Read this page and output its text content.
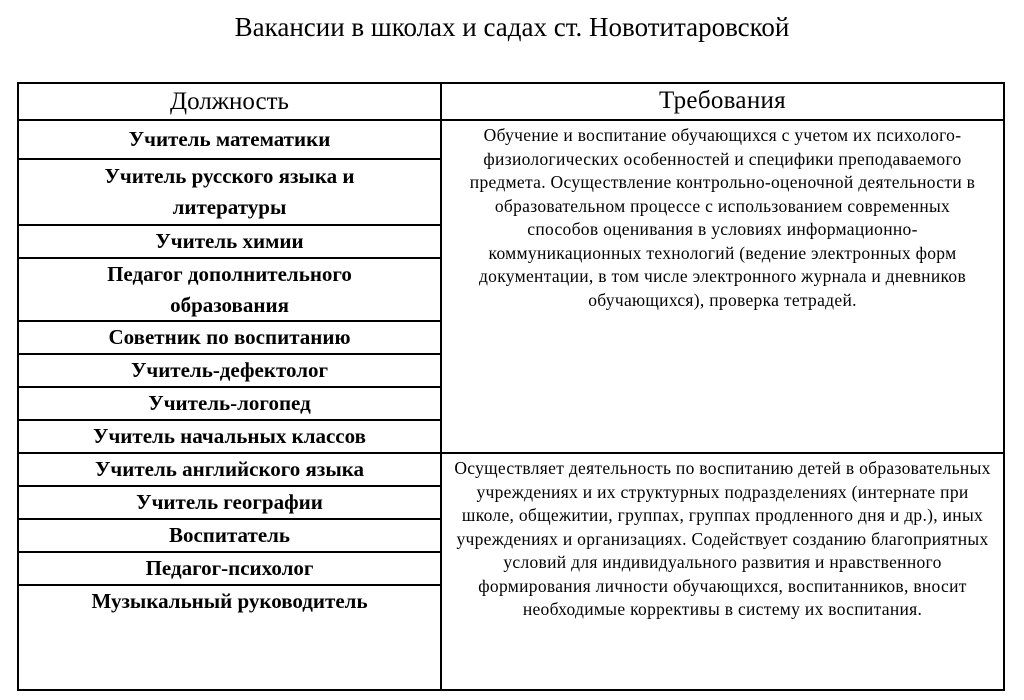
Вакансии в школах и садах ст. Новотитаровской
Должность	Требования
Учитель математики
Учитель русского языка и литературы
Учитель химии
Педагог дополнительного образования
Советник по воспитанию
Учитель-дефектолог
Учитель-логопед
Учитель начальных классов
Учитель английского языка
Учитель географии
Воспитатель
Педагог-психолог
Музыкальный руководитель
Обучение и воспитание обучающихся с учетом их психолого-физиологических особенностей и специфики преподаваемого предмета. Осуществление контрольно-оценочной деятельности в образовательном процессе с использованием современных способов оценивания в условиях информационно-коммуникационных технологий (ведение электронных форм документации, в том числе электронного журнала и дневников обучающихся), проверка тетрадей.
Осуществляет деятельность по воспитанию детей в образовательных учреждениях и их структурных подразделениях (интернате при школе, общежитии, группах, группах продленного дня и др.), иных учреждениях и организациях. Содействует созданию благоприятных условий для индивидуального развития и нравственного формирования личности обучающихся, воспитанников, вносит необходимые коррективы в систему их воспитания.
